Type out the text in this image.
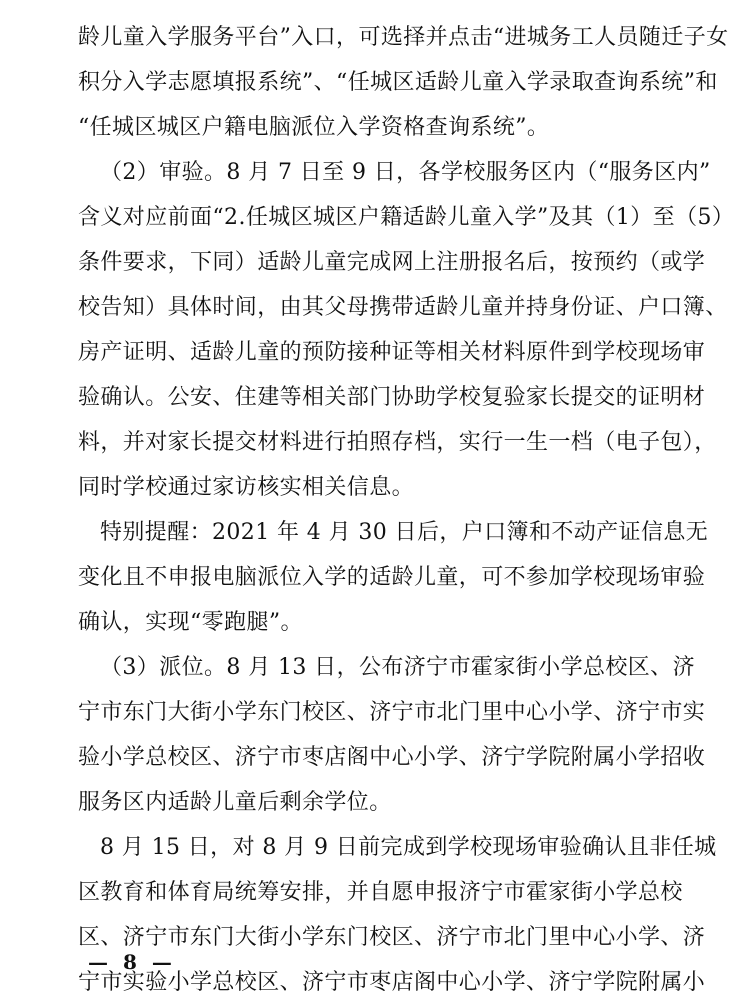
龄儿童入学服务平台”入口，可选择并点击“进城务工人员随迁子女
积分入学志愿填报系统”、“任城区适龄儿童入学录取查询系统”和
“任城区城区户籍电脑派位入学资格查询系统”。
（2）审验。8 月 7 日至 9 日，各学校服务区内（“服务区内”
含义对应前面“2.任城区城区户籍适龄儿童入学”及其（1）至（5）
条件要求，下同）适龄儿童完成网上注册报名后，按预约（或学
校告知）具体时间，由其父母携带适龄儿童并持身份证、户口簿、
房产证明、适龄儿童的预防接种证等相关材料原件到学校现场审
验确认。公安、住建等相关部门协助学校复验家长提交的证明材
料，并对家长提交材料进行拍照存档，实行一生一档（电子包），
同时学校通过家访核实相关信息。
特别提醒：2021 年 4 月 30 日后，户口簿和不动产证信息无
变化且不申报电脑派位入学的适龄儿童，可不参加学校现场审验
确认，实现“零跑腿”。
（3）派位。8 月 13 日，公布济宁市霍家街小学总校区、济
宁市东门大街小学东门校区、济宁市北门里中心小学、济宁市实
验小学总校区、济宁市枣店阁中心小学、济宁学院附属小学招收
服务区内适龄儿童后剩余学位。
8 月 15 日，对 8 月 9 日前完成到学校现场审验确认且非任城
区教育和体育局统筹安排，并自愿申报济宁市霍家街小学总校
区、济宁市东门大街小学东门校区、济宁市北门里中心小学、济
宁市实验小学总校区、济宁市枣店阁中心小学、济宁学院附属小
— 8 —
